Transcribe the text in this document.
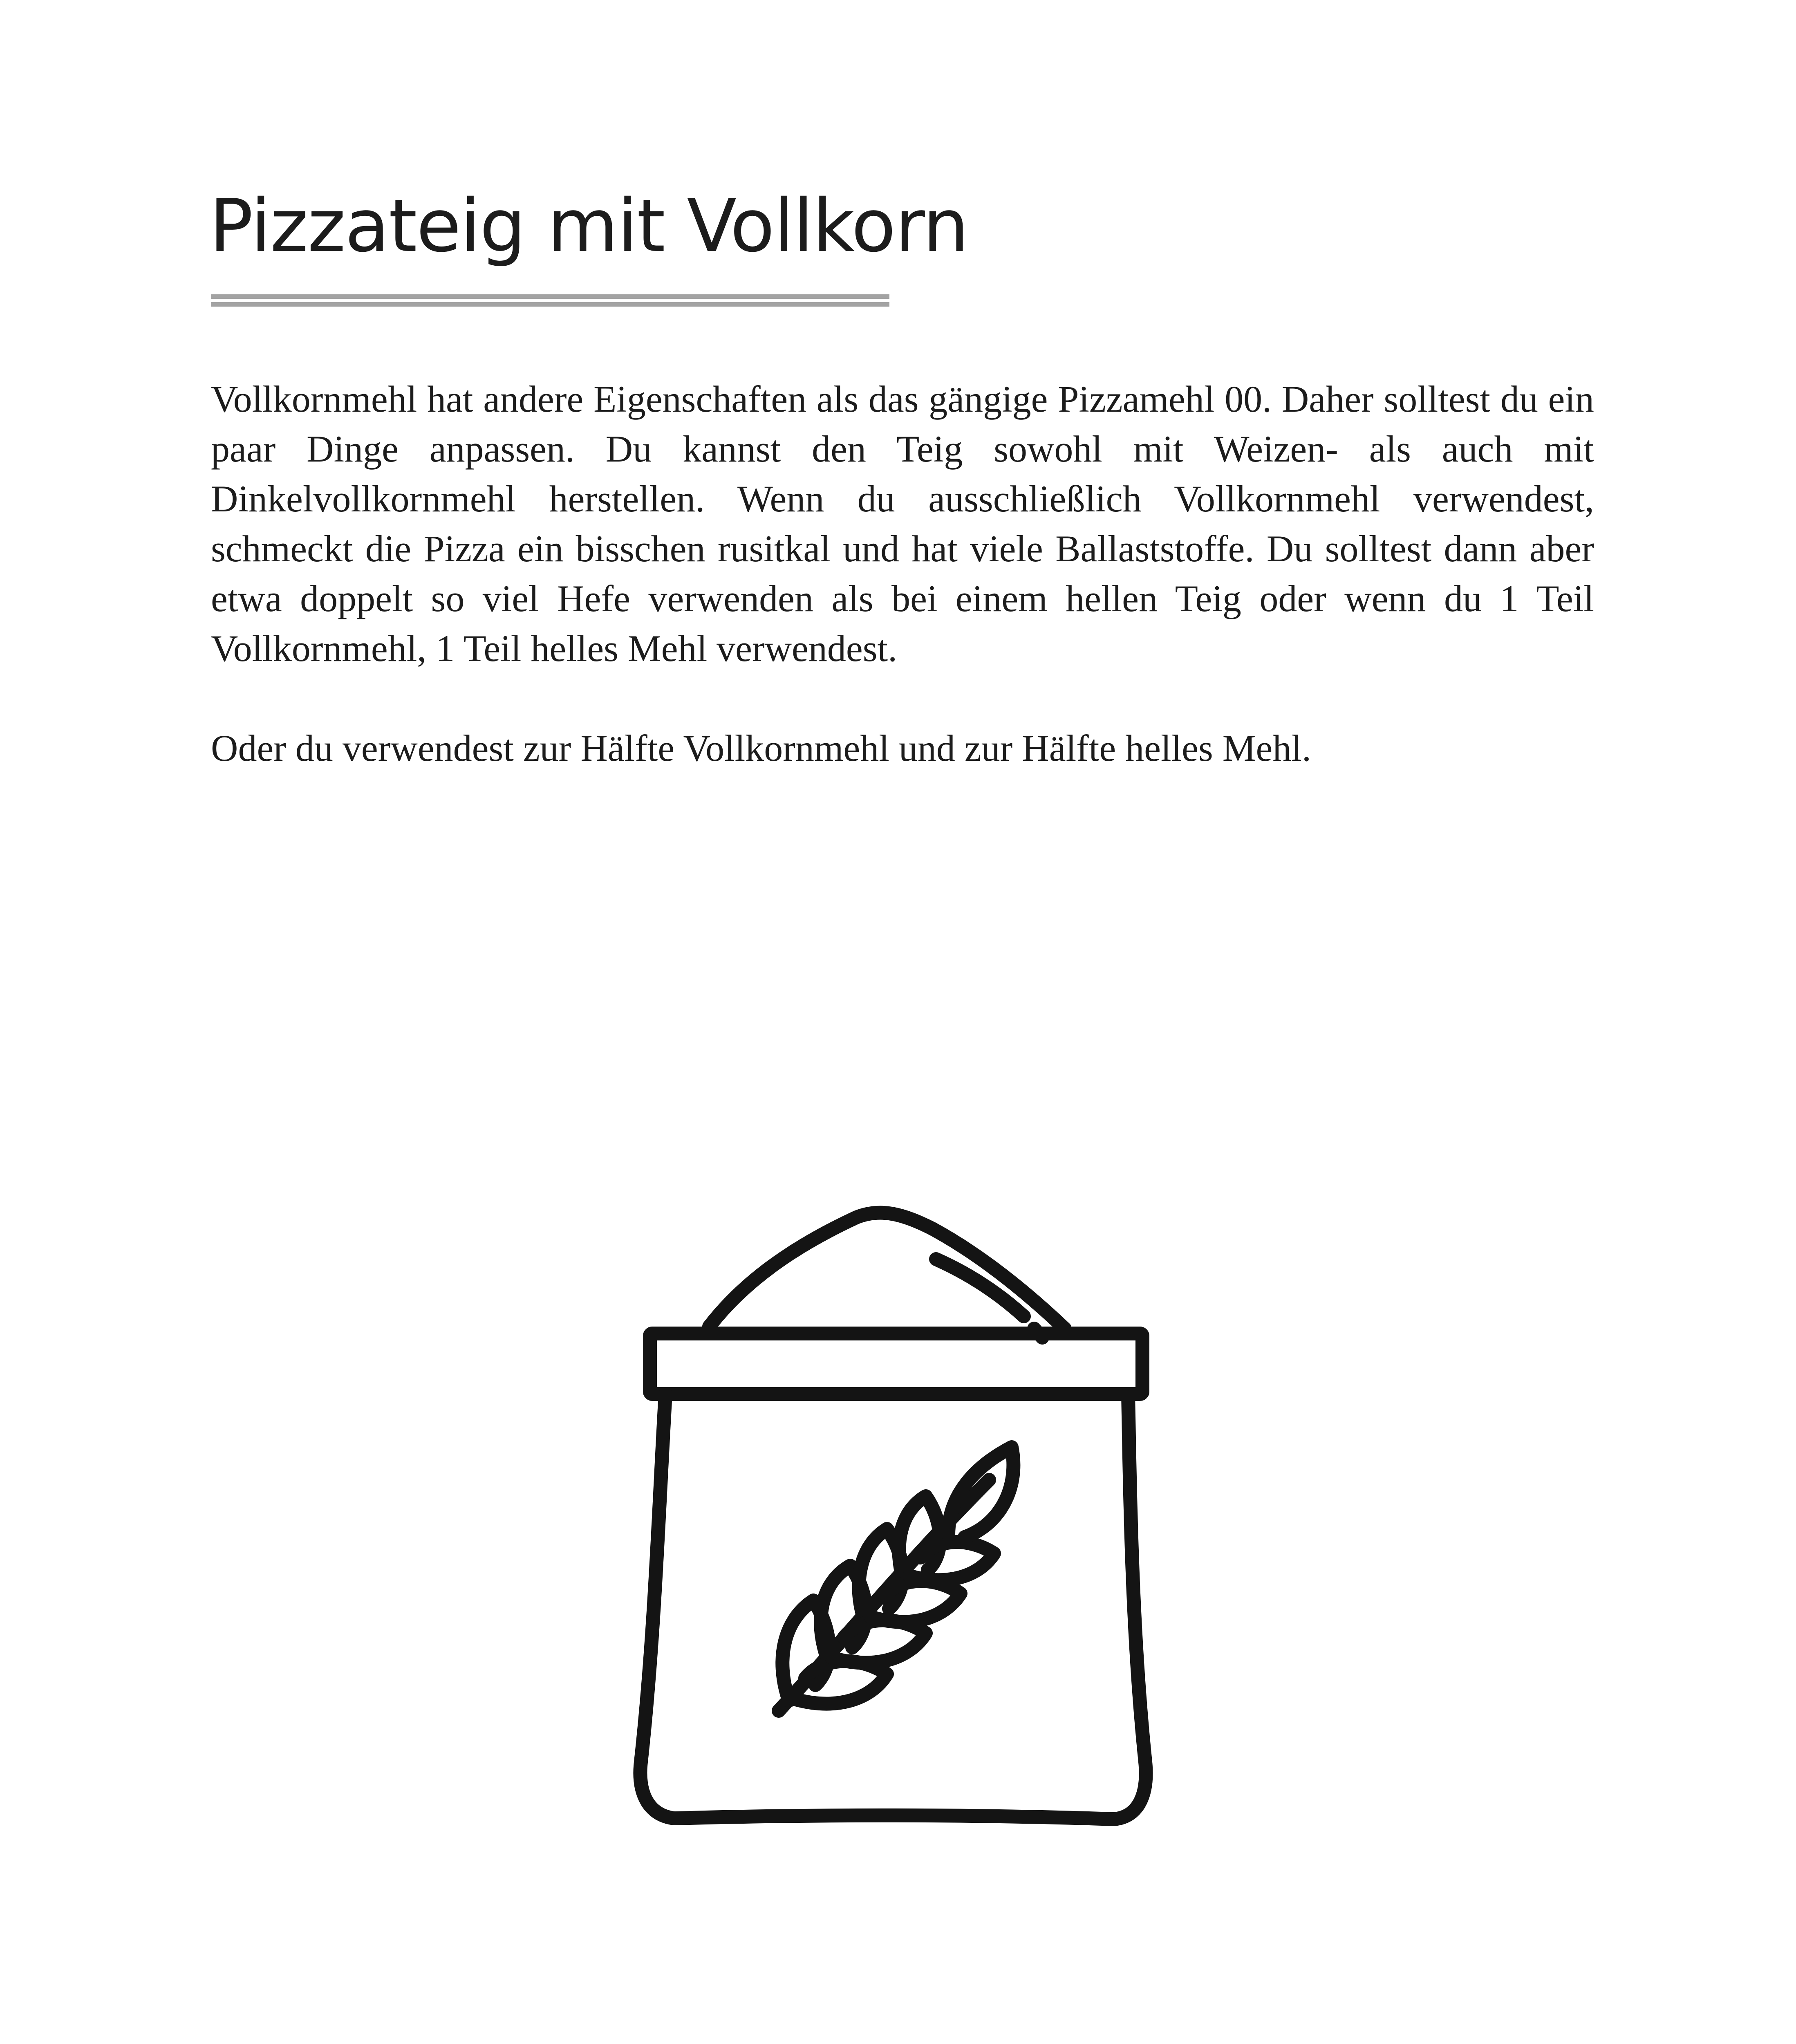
Pizzateig mit Vollkorn

Vollkornmehl hat andere Eigenschaften als das gängige Pizzamehl 00. Daher solltest du ein paar Dinge anpassen. Du kannst den Teig sowohl mit Weizen- als auch mit Dinkelvollkornmehl herstellen. Wenn du ausschließlich Vollkornmehl verwendest, schmeckt die Pizza ein bisschen rusitkal und hat viele Ballaststoffe. Du solltest dann aber etwa doppelt so viel Hefe verwenden als bei einem hellen Teig oder wenn du 1 Teil Vollkornmehl, 1 Teil helles Mehl verwendest.

Oder du verwendest zur Hälfte Vollkornmehl und zur Hälfte helles Mehl.
